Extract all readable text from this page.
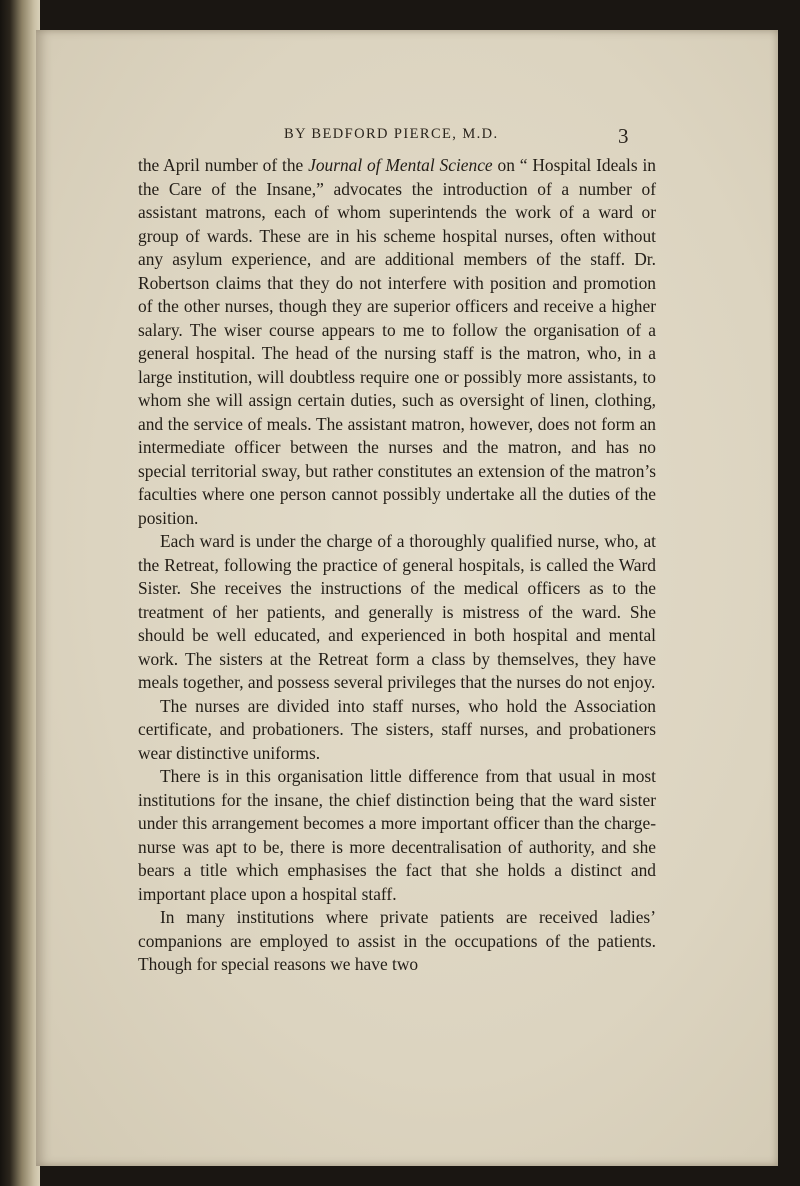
BY BEDFORD PIERCE, M.D.	3

the April number of the Journal of Mental Science on “ Hospital Ideals in the Care of the Insane,” advocates the introduction of a number of assistant matrons, each of whom superintends the work of a ward or group of wards. These are in his scheme hospital nurses, often without any asylum experience, and are additional members of the staff. Dr. Robertson claims that they do not interfere with position and promotion of the other nurses, though they are superior officers and receive a higher salary. The wiser course appears to me to follow the organisation of a general hospital. The head of the nursing staff is the matron, who, in a large institution, will doubtless require one or possibly more assistants, to whom she will assign certain duties, such as oversight of linen, clothing, and the service of meals. The assistant matron, however, does not form an intermediate officer between the nurses and the matron, and has no special territorial sway, but rather constitutes an extension of the matron’s faculties where one person cannot possibly undertake all the duties of the position.

Each ward is under the charge of a thoroughly qualified nurse, who, at the Retreat, following the practice of general hospitals, is called the Ward Sister. She receives the instructions of the medical officers as to the treatment of her patients, and generally is mistress of the ward. She should be well educated, and experienced in both hospital and mental work. The sisters at the Retreat form a class by themselves, they have meals together, and possess several privileges that the nurses do not enjoy.

The nurses are divided into staff nurses, who hold the Association certificate, and probationers. The sisters, staff nurses, and probationers wear distinctive uniforms.

There is in this organisation little difference from that usual in most institutions for the insane, the chief distinction being that the ward sister under this arrangement becomes a more important officer than the charge-nurse was apt to be, there is more decentralisation of authority, and she bears a title which emphasises the fact that she holds a distinct and important place upon a hospital staff.

In many institutions where private patients are received ladies’ companions are employed to assist in the occupations of the patients. Though for special reasons we have two
